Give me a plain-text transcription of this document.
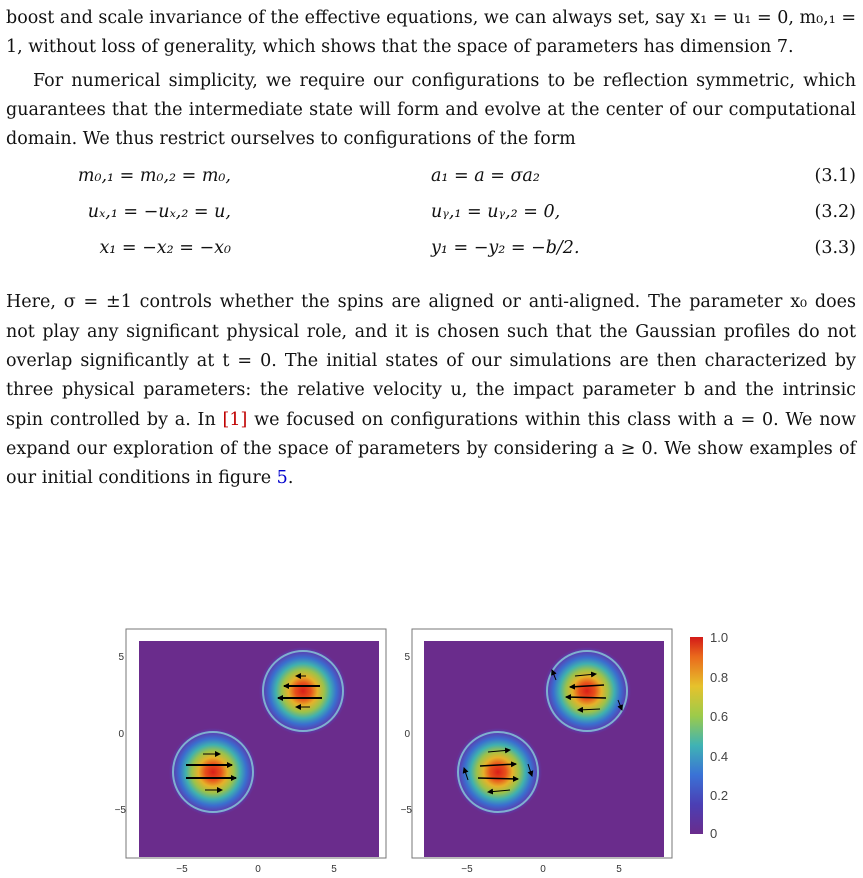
boost and scale invariance of the effective equations, we can always set, say x₁ = u₁ = 0, m₀,₁ = 1, without loss of generality, which shows that the space of parameters has dimension 7.

For numerical simplicity, we require our configurations to be reflection symmetric, which guarantees that the intermediate state will form and evolve at the center of our computational domain. We thus restrict ourselves to configurations of the form

m₀,₁ = m₀,₂ = m₀,	a₁ = a = σa₂	(3.1)
uₓ,₁ = −uₓ,₂ = u,	uᵧ,₁ = uᵧ,₂ = 0,	(3.2)
x₁ = −x₂ = −x₀	y₁ = −y₂ = −b/2.	(3.3)

Here, σ = ±1 controls whether the spins are aligned or anti-aligned. The parameter x₀ does not play any significant physical role, and it is chosen such that the Gaussian profiles do not overlap significantly at t = 0. The initial states of our simulations are then characterized by three physical parameters: the relative velocity u, the impact parameter b and the intrinsic spin controlled by a. In [1] we focused on configurations within this class with a = 0. We now expand our exploration of the space of parameters by considering a ≥ 0. We show examples of our initial conditions in figure 5.

5
0
−5
−5	0	5
5
0
−5
−5	0	5
1.0
0.8
0.6
0.4
0.2
0
